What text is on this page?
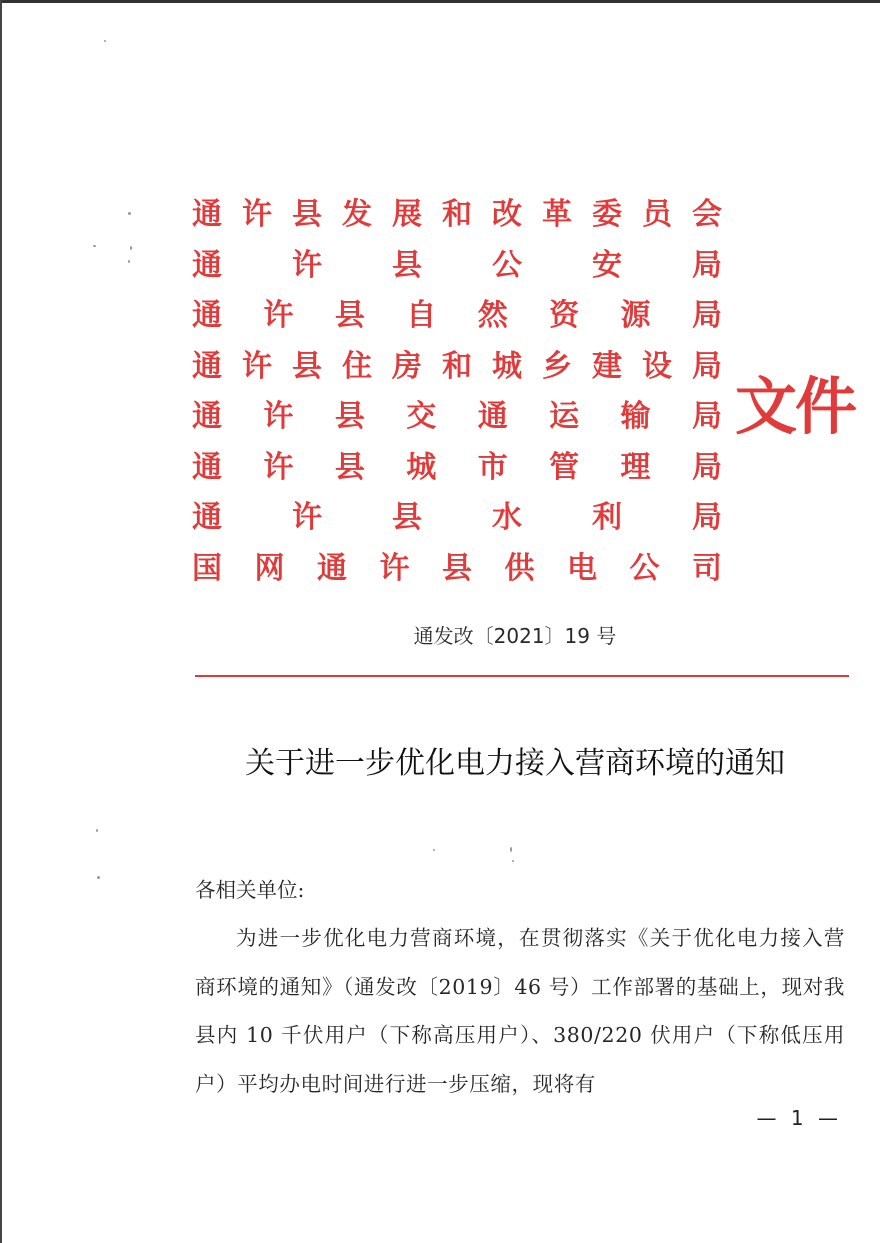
通 许 县 发 展 和 改 革 委 员 会
通 许 县 公 安 局
通 许 县 自 然 资 源 局
通 许 县 住 房 和 城 乡 建 设 局
通 许 县 交 通 运 输 局
通 许 县 城 市 管 理 局
通 许 县 水 利 局
国 网 通 许 县 供 电 公 司
文件
通发改〔2021〕19 号
关于进一步优化电力接入营商环境的通知
各相关单位:
为进一步优化电力营商环境，在贯彻落实《关于优化电力接入营商环境的通知》（通发改〔2019〕46 号）工作部署的基础上，现对我县内 10 千伏用户（下称高压用户）、380/220 伏用户（下称低压用户）平均办电时间进行进一步压缩，现将有
— 1 —
